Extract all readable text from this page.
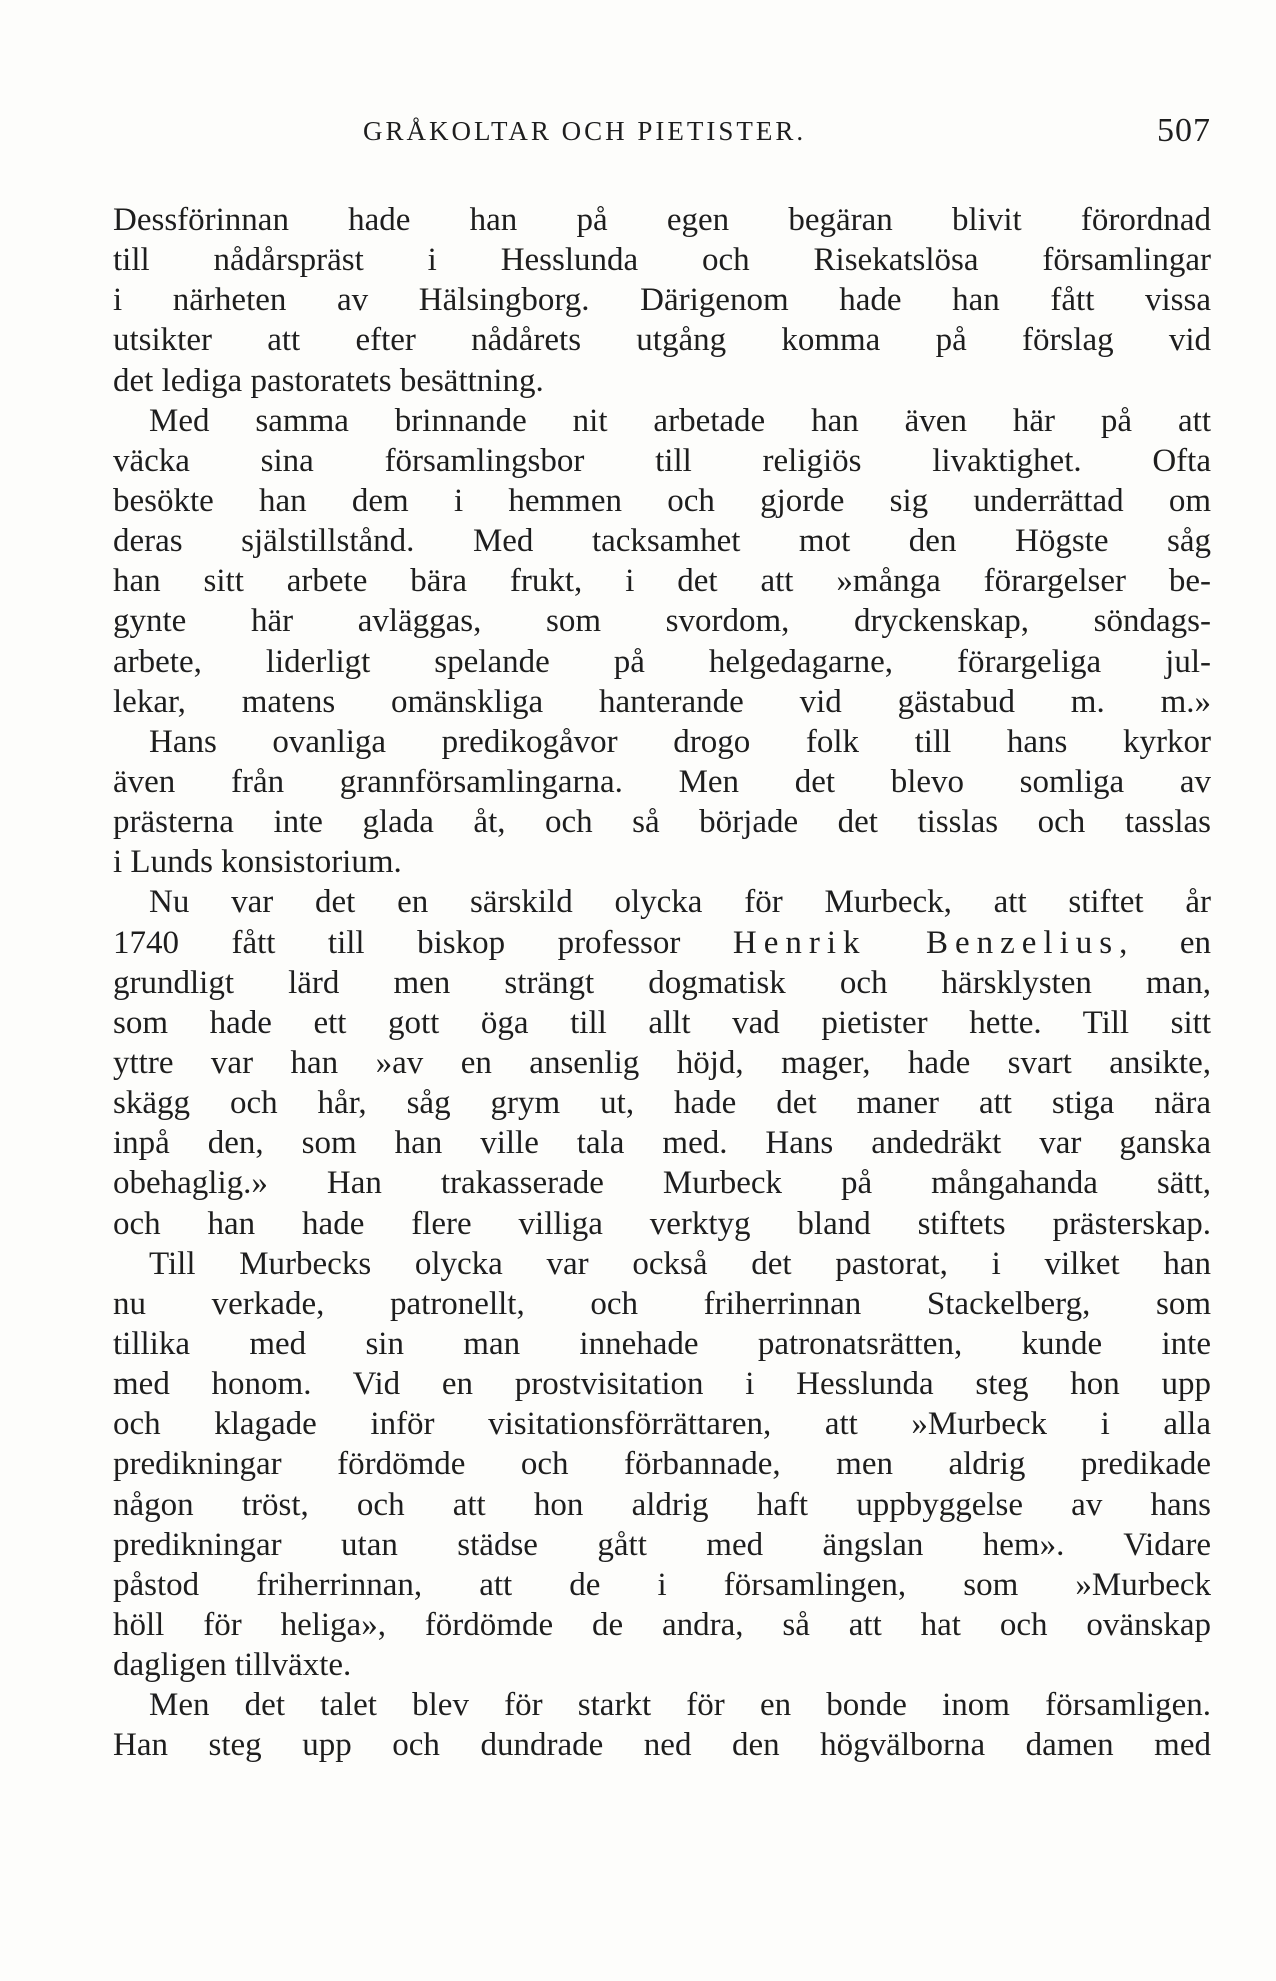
GRÅKOLTAR OCH PIETISTER.	507
Dessförinnan hade han på egen begäran blivit förordnad
till nådårspräst i Hesslunda och Risekatslösa församlingar
i närheten av Hälsingborg. Därigenom hade han fått vissa
utsikter att efter nådårets utgång komma på förslag vid
det lediga pastoratets besättning.
Med samma brinnande nit arbetade han även här på att
väcka sina församlingsbor till religiös livaktighet. Ofta
besökte han dem i hemmen och gjorde sig underrättad om
deras själstillstånd. Med tacksamhet mot den Högste såg
han sitt arbete bära frukt, i det att »många förargelser be-
gynte här avläggas, som svordom, dryckenskap, söndags-
arbete, liderligt spelande på helgedagarne, förargeliga jul-
lekar, matens omänskliga hanterande vid gästabud m. m.»
Hans ovanliga predikogåvor drogo folk till hans kyrkor
även från grannförsamlingarna. Men det blevo somliga av
prästerna inte glada åt, och så började det tisslas och tasslas
i Lunds konsistorium.
Nu var det en särskild olycka för Murbeck, att stiftet år
1740 fått till biskop professor Henrik Benzelius, en
grundligt lärd men strängt dogmatisk och härsklysten man,
som hade ett gott öga till allt vad pietister hette. Till sitt
yttre var han »av en ansenlig höjd, mager, hade svart ansikte,
skägg och hår, såg grym ut, hade det maner att stiga nära
inpå den, som han ville tala med. Hans andedräkt var ganska
obehaglig.» Han trakasserade Murbeck på mångahanda sätt,
och han hade flere villiga verktyg bland stiftets prästerskap.
Till Murbecks olycka var också det pastorat, i vilket han
nu verkade, patronellt, och friherrinnan Stackelberg, som
tillika med sin man innehade patronatsrätten, kunde inte
med honom. Vid en prostvisitation i Hesslunda steg hon upp
och klagade inför visitationsförrättaren, att »Murbeck i alla
predikningar fördömde och förbannade, men aldrig predikade
någon tröst, och att hon aldrig haft uppbyggelse av hans
predikningar utan städse gått med ängslan hem». Vidare
påstod friherrinnan, att de i församlingen, som »Murbeck
höll för heliga», fördömde de andra, så att hat och ovänskap
dagligen tillväxte.
Men det talet blev för starkt för en bonde inom församligen.
Han steg upp och dundrade ned den högvälborna damen med
